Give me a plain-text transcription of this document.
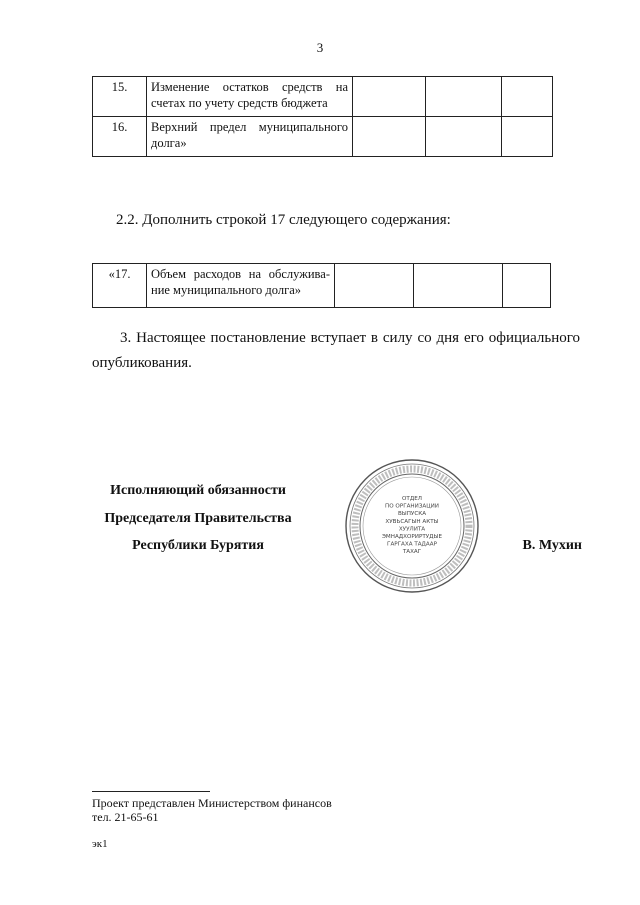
3
15.	Изменение остатков средств на счетах по учету средств бюджета			
16.	Верхний предел муниципального долга»			
2.2. Дополнить строкой 17 следующего содержания:
«17.	Объем расходов на обслужива-ние муниципального долга»			
3. Настоящее постановление вступает в силу со дня его официального опубликования.
Исполняющий обязанности
Председателя Правительства
Республики Бурятия	В. Мухин
ОТДЕЛ
ПО ОРГАНИЗАЦИИ
ВЫПУСКА
ХУВЬСАГЫН АКТЫ
ХУУЛИТА
ЭМНАДХОРИРТУДЫЕ
ГАРГАХА ТАДААР
ТАХАГ
Проект представлен Министерством финансов
тел. 21-65-61
эк1
